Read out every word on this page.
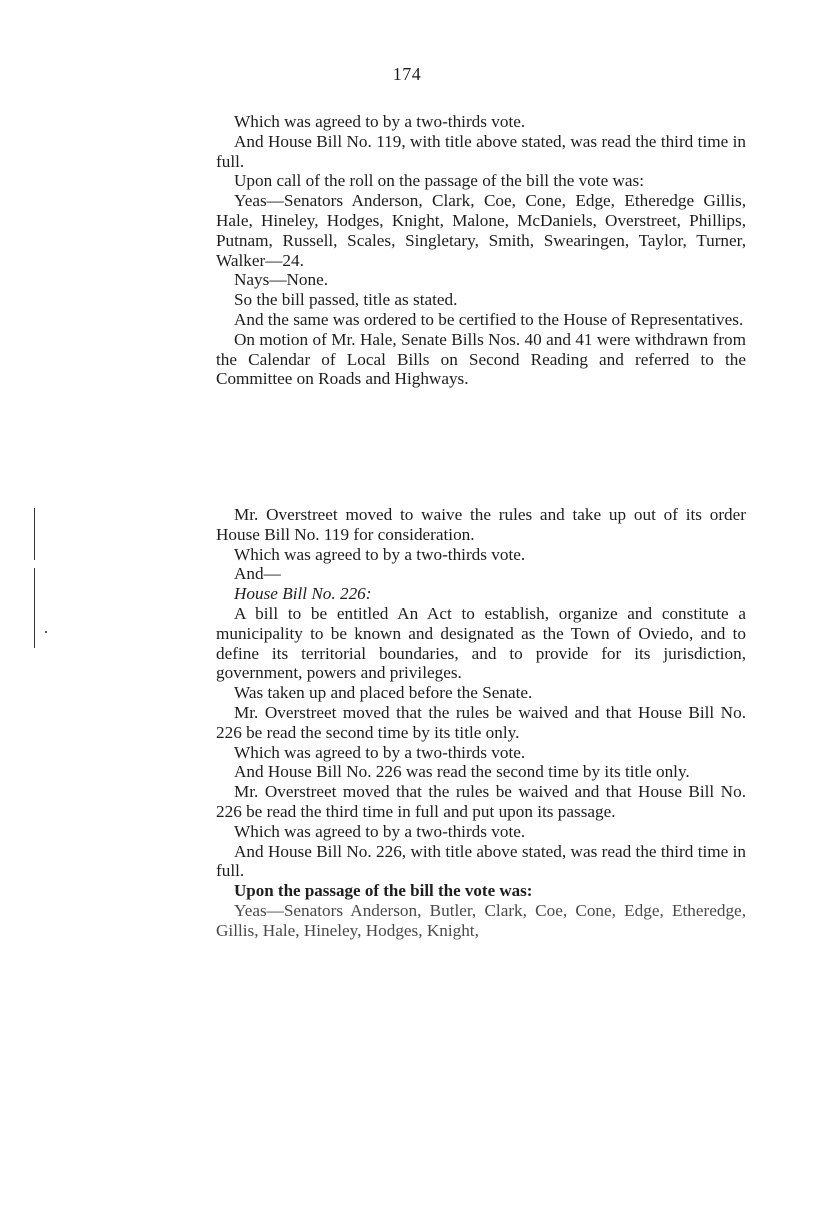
174

Which was agreed to by a two-thirds vote.

And House Bill No. 119, with title above stated, was read the third time in full.

Upon call of the roll on the passage of the bill the vote was:

Yeas—Senators Anderson, Clark, Coe, Cone, Edge, Etheredge Gillis, Hale, Hineley, Hodges, Knight, Malone, McDaniels, Overstreet, Phillips, Putnam, Russell, Scales, Singletary, Smith, Swearingen, Taylor, Turner, Walker—24.

Nays—None.

So the bill passed, title as stated.

And the same was ordered to be certified to the House of Representatives.

On motion of Mr. Hale, Senate Bills Nos. 40 and 41 were withdrawn from the Calendar of Local Bills on Second Reading and referred to the Committee on Roads and Highways.

Mr. Overstreet moved to waive the rules and take up out of its order House Bill No. 119 for consideration.

Which was agreed to by a two-thirds vote.

And—

House Bill No. 226:

A bill to be entitled An Act to establish, organize and constitute a municipality to be known and designated as the Town of Oviedo, and to define its territorial boundaries, and to provide for its jurisdiction, government, powers and privileges.

Was taken up and placed before the Senate.

Mr. Overstreet moved that the rules be waived and that House Bill No. 226 be read the second time by its title only.

Which was agreed to by a two-thirds vote.

And House Bill No. 226 was read the second time by its title only.

Mr. Overstreet moved that the rules be waived and that House Bill No. 226 be read the third time in full and put upon its passage.

Which was agreed to by a two-thirds vote.

And House Bill No. 226, with title above stated, was read the third time in full.

Upon the passage of the bill the vote was:

Yeas—Senators Anderson, Butler, Clark, Coe, Cone, Edge, Etheredge, Gillis, Hale, Hineley, Hodges, Knight,
